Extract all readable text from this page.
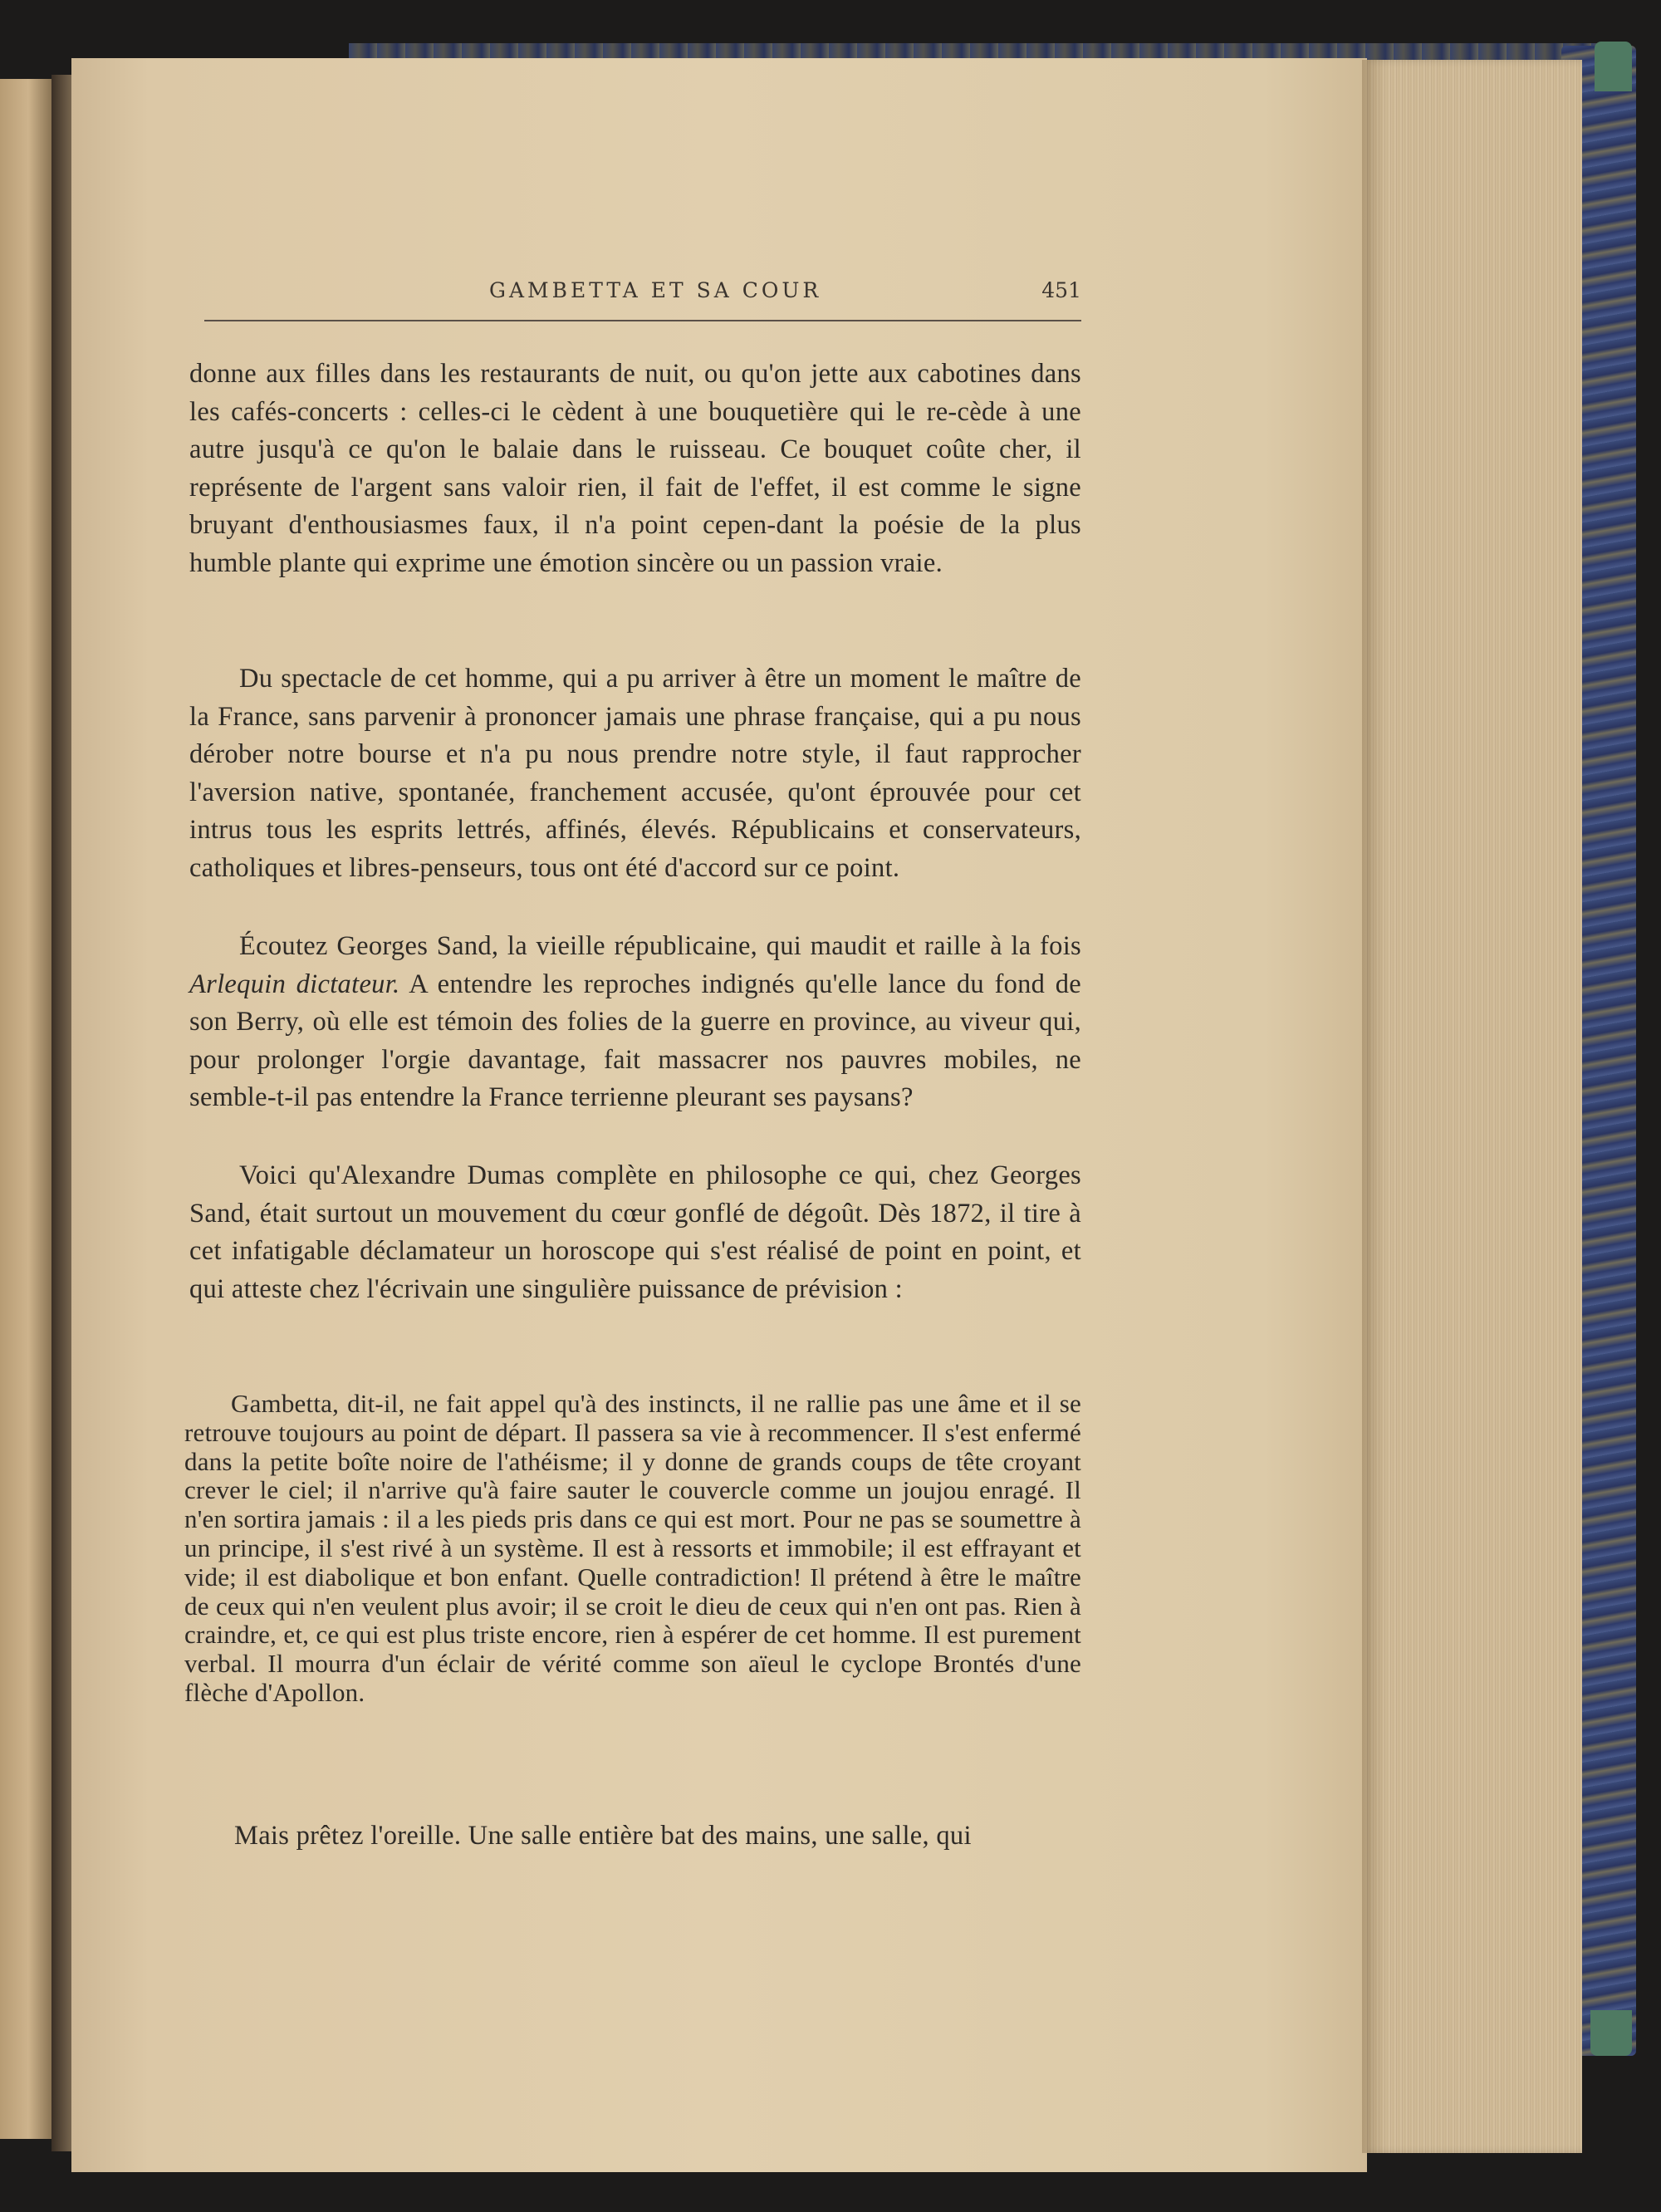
GAMBETTA ET SA COUR	451

donne aux filles dans les restaurants de nuit, ou qu'on jette aux cabotines dans les cafés-concerts : celles-ci le cèdent à une bouquetière qui le re-cède à une autre jusqu'à ce qu'on le balaie dans le ruisseau. Ce bouquet coûte cher, il représente de l'argent sans valoir rien, il fait de l'effet, il est comme le signe bruyant d'enthousiasmes faux, il n'a point cepen-dant la poésie de la plus humble plante qui exprime une émotion sincère ou un passion vraie.

Du spectacle de cet homme, qui a pu arriver à être un moment le maître de la France, sans parvenir à prononcer jamais une phrase française, qui a pu nous dérober notre bourse et n'a pu nous prendre notre style, il faut rapprocher l'aversion native, spontanée, franchement accusée, qu'ont éprouvée pour cet intrus tous les esprits lettrés, affinés, élevés. Républicains et conservateurs, catholiques et libres-penseurs, tous ont été d'accord sur ce point.

Écoutez Georges Sand, la vieille républicaine, qui maudit et raille à la fois Arlequin dictateur. A entendre les reproches indignés qu'elle lance du fond de son Berry, où elle est témoin des folies de la guerre en province, au viveur qui, pour prolonger l'orgie davantage, fait massacrer nos pauvres mobiles, ne semble-t-il pas entendre la France terrienne pleurant ses paysans?

Voici qu'Alexandre Dumas complète en philosophe ce qui, chez Georges Sand, était surtout un mouvement du cœur gonflé de dégoût. Dès 1872, il tire à cet infatigable déclamateur un horoscope qui s'est réalisé de point en point, et qui atteste chez l'écrivain une singulière puissance de prévision :

Gambetta, dit-il, ne fait appel qu'à des instincts, il ne rallie pas une âme et il se retrouve toujours au point de départ. Il passera sa vie à recommencer. Il s'est enfermé dans la petite boîte noire de l'athéisme; il y donne de grands coups de tête croyant crever le ciel; il n'arrive qu'à faire sauter le couvercle comme un joujou enragé. Il n'en sortira jamais : il a les pieds pris dans ce qui est mort. Pour ne pas se soumettre à un principe, il s'est rivé à un système. Il est à ressorts et immobile; il est effrayant et vide; il est diabolique et bon enfant. Quelle contradiction! Il prétend à être le maître de ceux qui n'en veulent plus avoir; il se croit le dieu de ceux qui n'en ont pas. Rien à craindre, et, ce qui est plus triste encore, rien à espérer de cet homme. Il est purement verbal. Il mourra d'un éclair de vérité comme son aïeul le cyclope Brontés d'une flèche d'Apollon.

Mais prêtez l'oreille. Une salle entière bat des mains, une salle, qui
